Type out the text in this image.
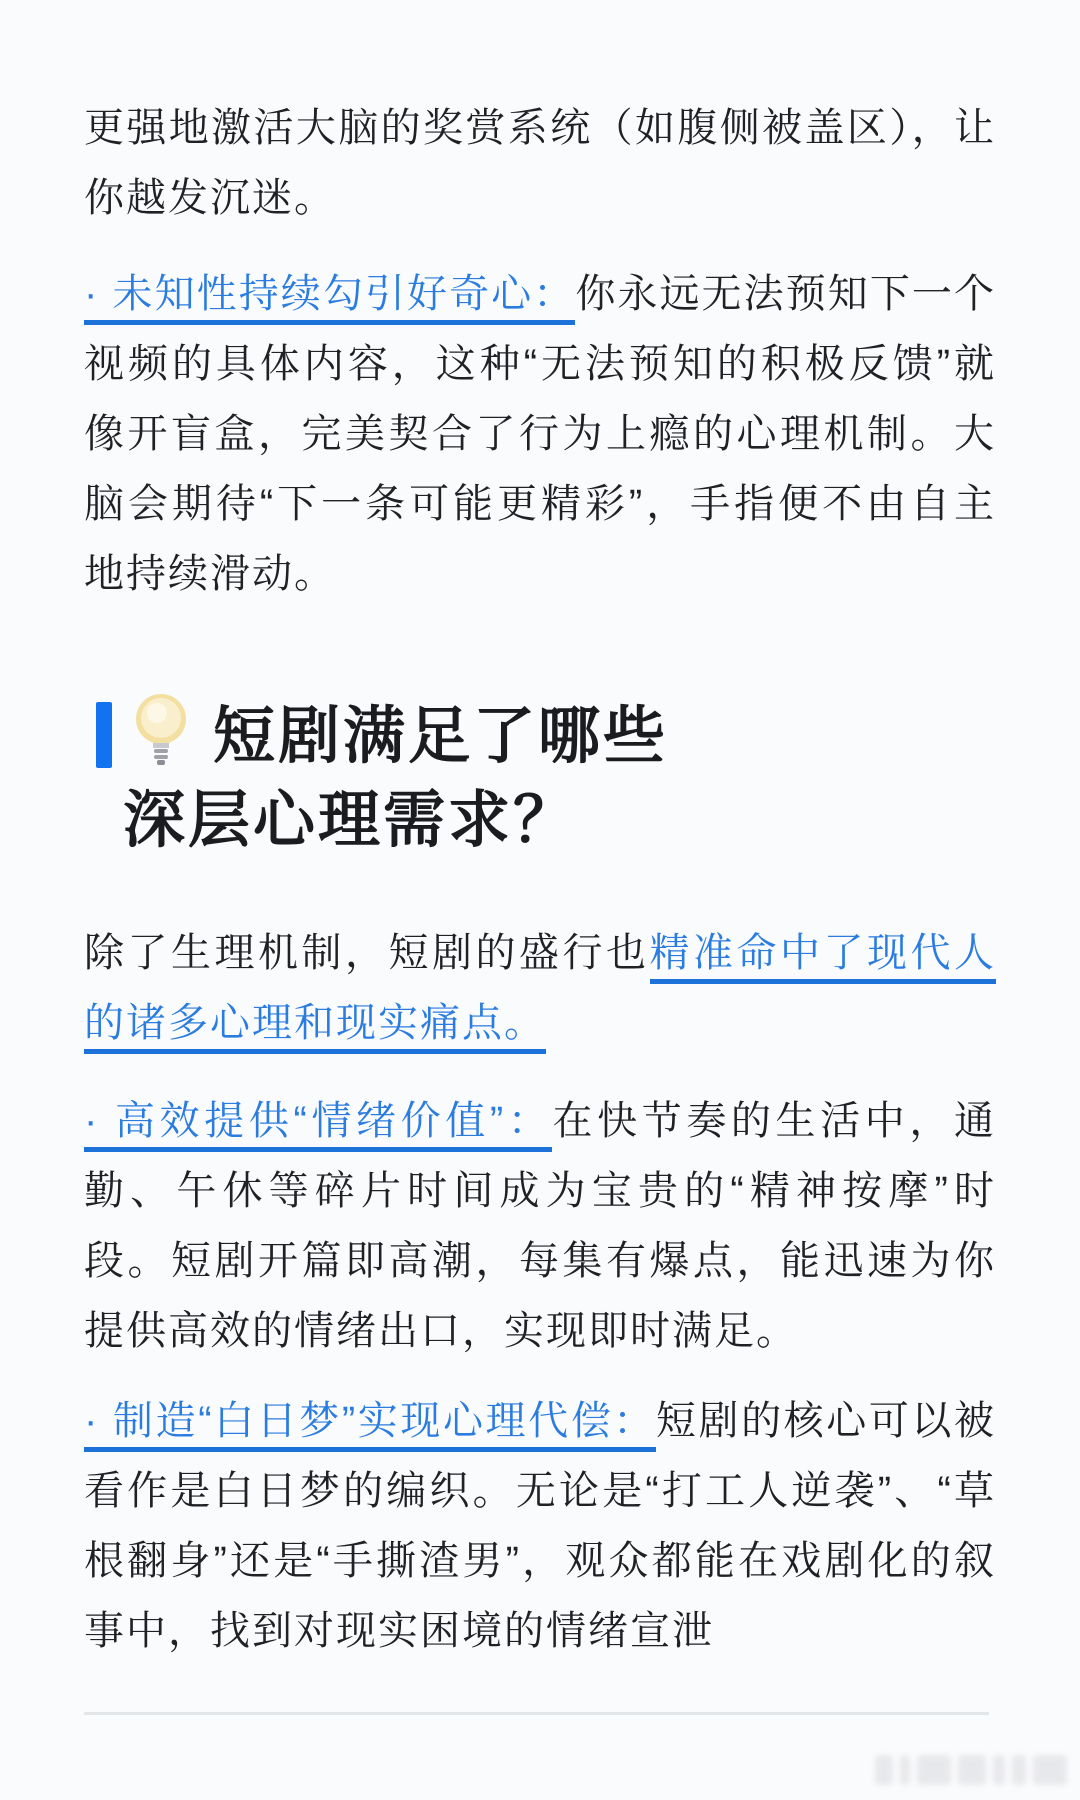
更强地激活大脑的奖赏系统（如腹侧被盖区），让你越发沉迷。

· 未知性持续勾引好奇心：你永远无法预知下一个视频的具体内容，这种“无法预知的积极反馈”就像开盲盒，完美契合了行为上瘾的心理机制。大脑会期待“下一条可能更精彩”，手指便不由自主地持续滑动。

短剧满足了哪些
深层心理需求？

除了生理机制，短剧的盛行也精准命中了现代人的诸多心理和现实痛点。

· 高效提供“情绪价值”：在快节奏的生活中，通勤、午休等碎片时间成为宝贵的“精神按摩”时段。短剧开篇即高潮，每集有爆点，能迅速为你提供高效的情绪出口，实现即时满足。

· 制造“白日梦”实现心理代偿：短剧的核心可以被看作是白日梦的编织。无论是“打工人逆袭”、“草根翻身”还是“手撕渣男”，观众都能在戏剧化的叙事中，找到对现实困境的情绪宣泄
